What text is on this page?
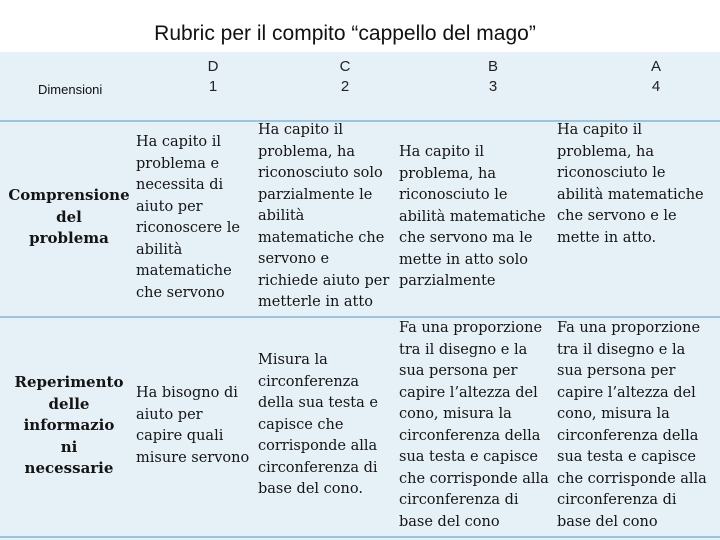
Rubric per il compito “cappello del mago”
Dimensioni
D
1
C
2
B
3
A
4
Comprensione
del
problema
Ha capito il
problema e
necessita di
aiuto per
riconoscere le
abilità
matematiche
che servono
Ha capito il
problema, ha
riconosciuto solo
parzialmente le
abilità
matematiche che
servono e
richiede aiuto per
metterle in atto
Ha capito il
problema, ha
riconosciuto le
abilità matematiche
che servono ma le
mette in atto solo
parzialmente
Ha capito il
problema, ha
riconosciuto le
abilità matematiche
che servono e le
mette in atto.
Reperimento
delle
informazio
ni
necessarie
Ha bisogno di
aiuto per
capire quali
misure servono
Misura la
circonferenza
della sua testa e
capisce che
corrisponde alla
circonferenza di
base del cono.
Fa una proporzione
tra il disegno e la
sua persona per
capire l’altezza del
cono, misura la
circonferenza della
sua testa e capisce
che corrisponde alla
circonferenza di
base del cono
Fa una proporzione
tra il disegno e la
sua persona per
capire l’altezza del
cono, misura la
circonferenza della
sua testa e capisce
che corrisponde alla
circonferenza di
base del cono
